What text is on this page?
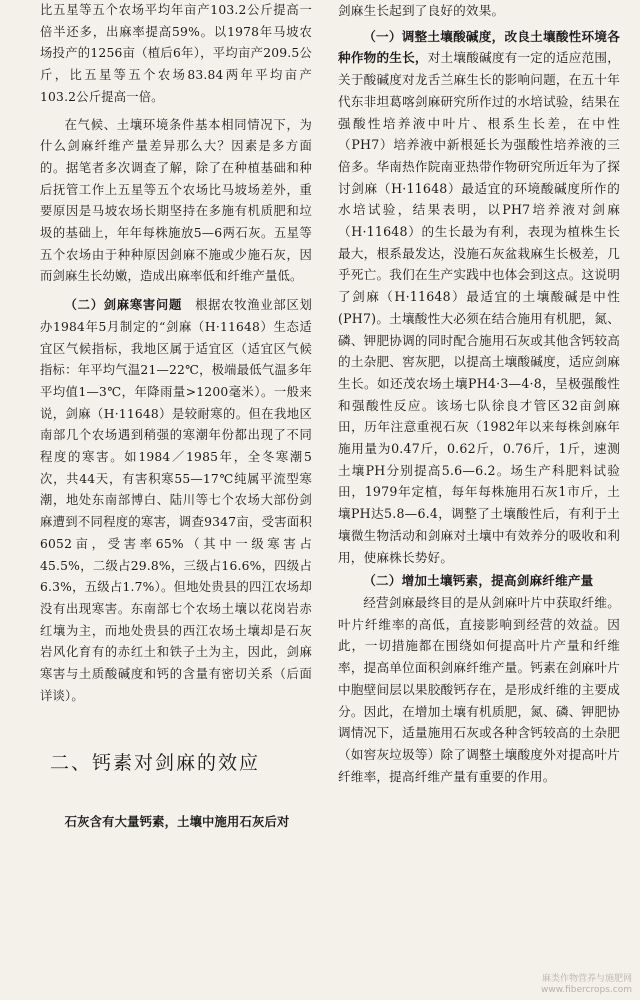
比五星等五个农场平均年亩产103.2公斤提高一倍半还多，出麻率提高59%。以1978年马坡农场投产的1256亩（植后6年），平均亩产209.5公斤，比五星等五个农场83.84两年平均亩产103.2公斤提高一倍。

在气候、土壤环境条件基本相同情况下，为什么剑麻纤维产量差异那么大？因素是多方面的。据笔者多次调查了解，除了在种植基础和种后抚管工作上五星等五个农场比马坡场差外，重要原因是马坡农场长期坚持在多施有机质肥和垃圾的基础上，年年每株施放5—6两石灰。五星等五个农场由于种种原因剑麻不施或少施石灰，因而剑麻生长幼嫩，造成出麻率低和纤维产量低。

（二）剑麻寒害问题　 根据农牧渔业部区划办1984年5月制定的“剑麻（H·11648）生态适宜区气候指标，我地区属于适宜区（适宜区气候指标：年平均气温21—22℃，极端最低气温多年平均值1—3℃，年降雨量>1200毫米）。一般来说，剑麻（H·11648）是较耐寒的。但在我地区南部几个农场遇到稍强的寒潮年份都出现了不同程度的寒害。如1984／1985年，全冬寒潮5次，共44天，有害积寒55—17℃纯属平流型寒潮，地处东南部博白、陆川等七个农场大部份剑麻遭到不同程度的寒害，调查9347亩，受害面积6052亩，受害率65%（其中一级寒害占45.5%，二级占29.8%，三级占16.6%，四级占6.3%，五级占1.7%）。但地处贵县的四江农场却没有出现寒害。东南部七个农场土壤以花岗岩赤红壤为主，而地处贵县的西江农场土壤却是石灰岩风化育有的赤红土和铁子土为主，因此，剑麻寒害与土质酸碱度和钙的含量有密切关系（后面详谈）。

二、钙素对剑麻的效应

石灰含有大量钙素，土壤中施用石灰后对

剑麻生长起到了良好的效果。

（一）调整土壤酸碱度，改良土壤酸性环境各种作物的生长，对土壤酸碱度有一定的适应范围，关于酸碱度对龙舌兰麻生长的影响问题，在五十年代东非坦葛喀剑麻研究所作过的水培试验，结果在强酸性培养液中叶片、根系生长差，在中性（PH7）培养液中新根延长为强酸性培养液的三倍多。华南热作院南亚热带作物研究所近年为了探讨剑麻（H·11648）最适宜的环境酸碱度所作的水培试验，结果表明，以PH7培养液对剑麻（H·11648）的生长最为有利，表现为植株生长最大，根系最发达，没施石灰盆栽麻生长极差，几乎死亡。我们在生产实践中也体会到这点。这说明了剑麻（H·11648）最适宜的土壤酸碱是中性(PH7)。土壤酸性大必须在结合施用有机肥，氮、磷、钾肥协调的同时配合施用石灰或其他含钙较高的土杂肥、窖灰肥，以提高土壤酸碱度，适应剑麻生长。如还茂农场土壤PH4·3—4·8，呈极强酸性和强酸性反应。该场七队徐良才管区32亩剑麻田，历年注意重视石灰（1982年以来每株剑麻年施用量为0.47斤，0.62斤，0.76斤，1斤，速测土壤PH分别提高5.6—6.2。场生产科肥料试验田，1979年定植，每年每株施用石灰1市斤，土壤PH达5.8—6.4，调整了土壤酸性后，有利于土壤微生物活动和剑麻对土壤中有效养分的吸收和利用，使麻株长势好。

（二）增加土壤钙素，提高剑麻纤维产量

经营剑麻最终目的是从剑麻叶片中获取纤维。叶片纤维率的高低，直接影响到经营的效益。因此，一切措施都在围绕如何提高叶片产量和纤维率，提高单位面积剑麻纤维产量。钙素在剑麻叶片中胞壁间层以果胶酸钙存在，是形成纤维的主要成分。因此，在增加土壤有机质肥，氮、磷、钾肥协调情况下，适量施用石灰或各种含钙较高的土杂肥（如窖灰垃圾等）除了调整土壤酸度外对提高叶片纤维率，提高纤维产量有重要的作用。

麻类作物营养与施肥网
www.fibercrops.com
